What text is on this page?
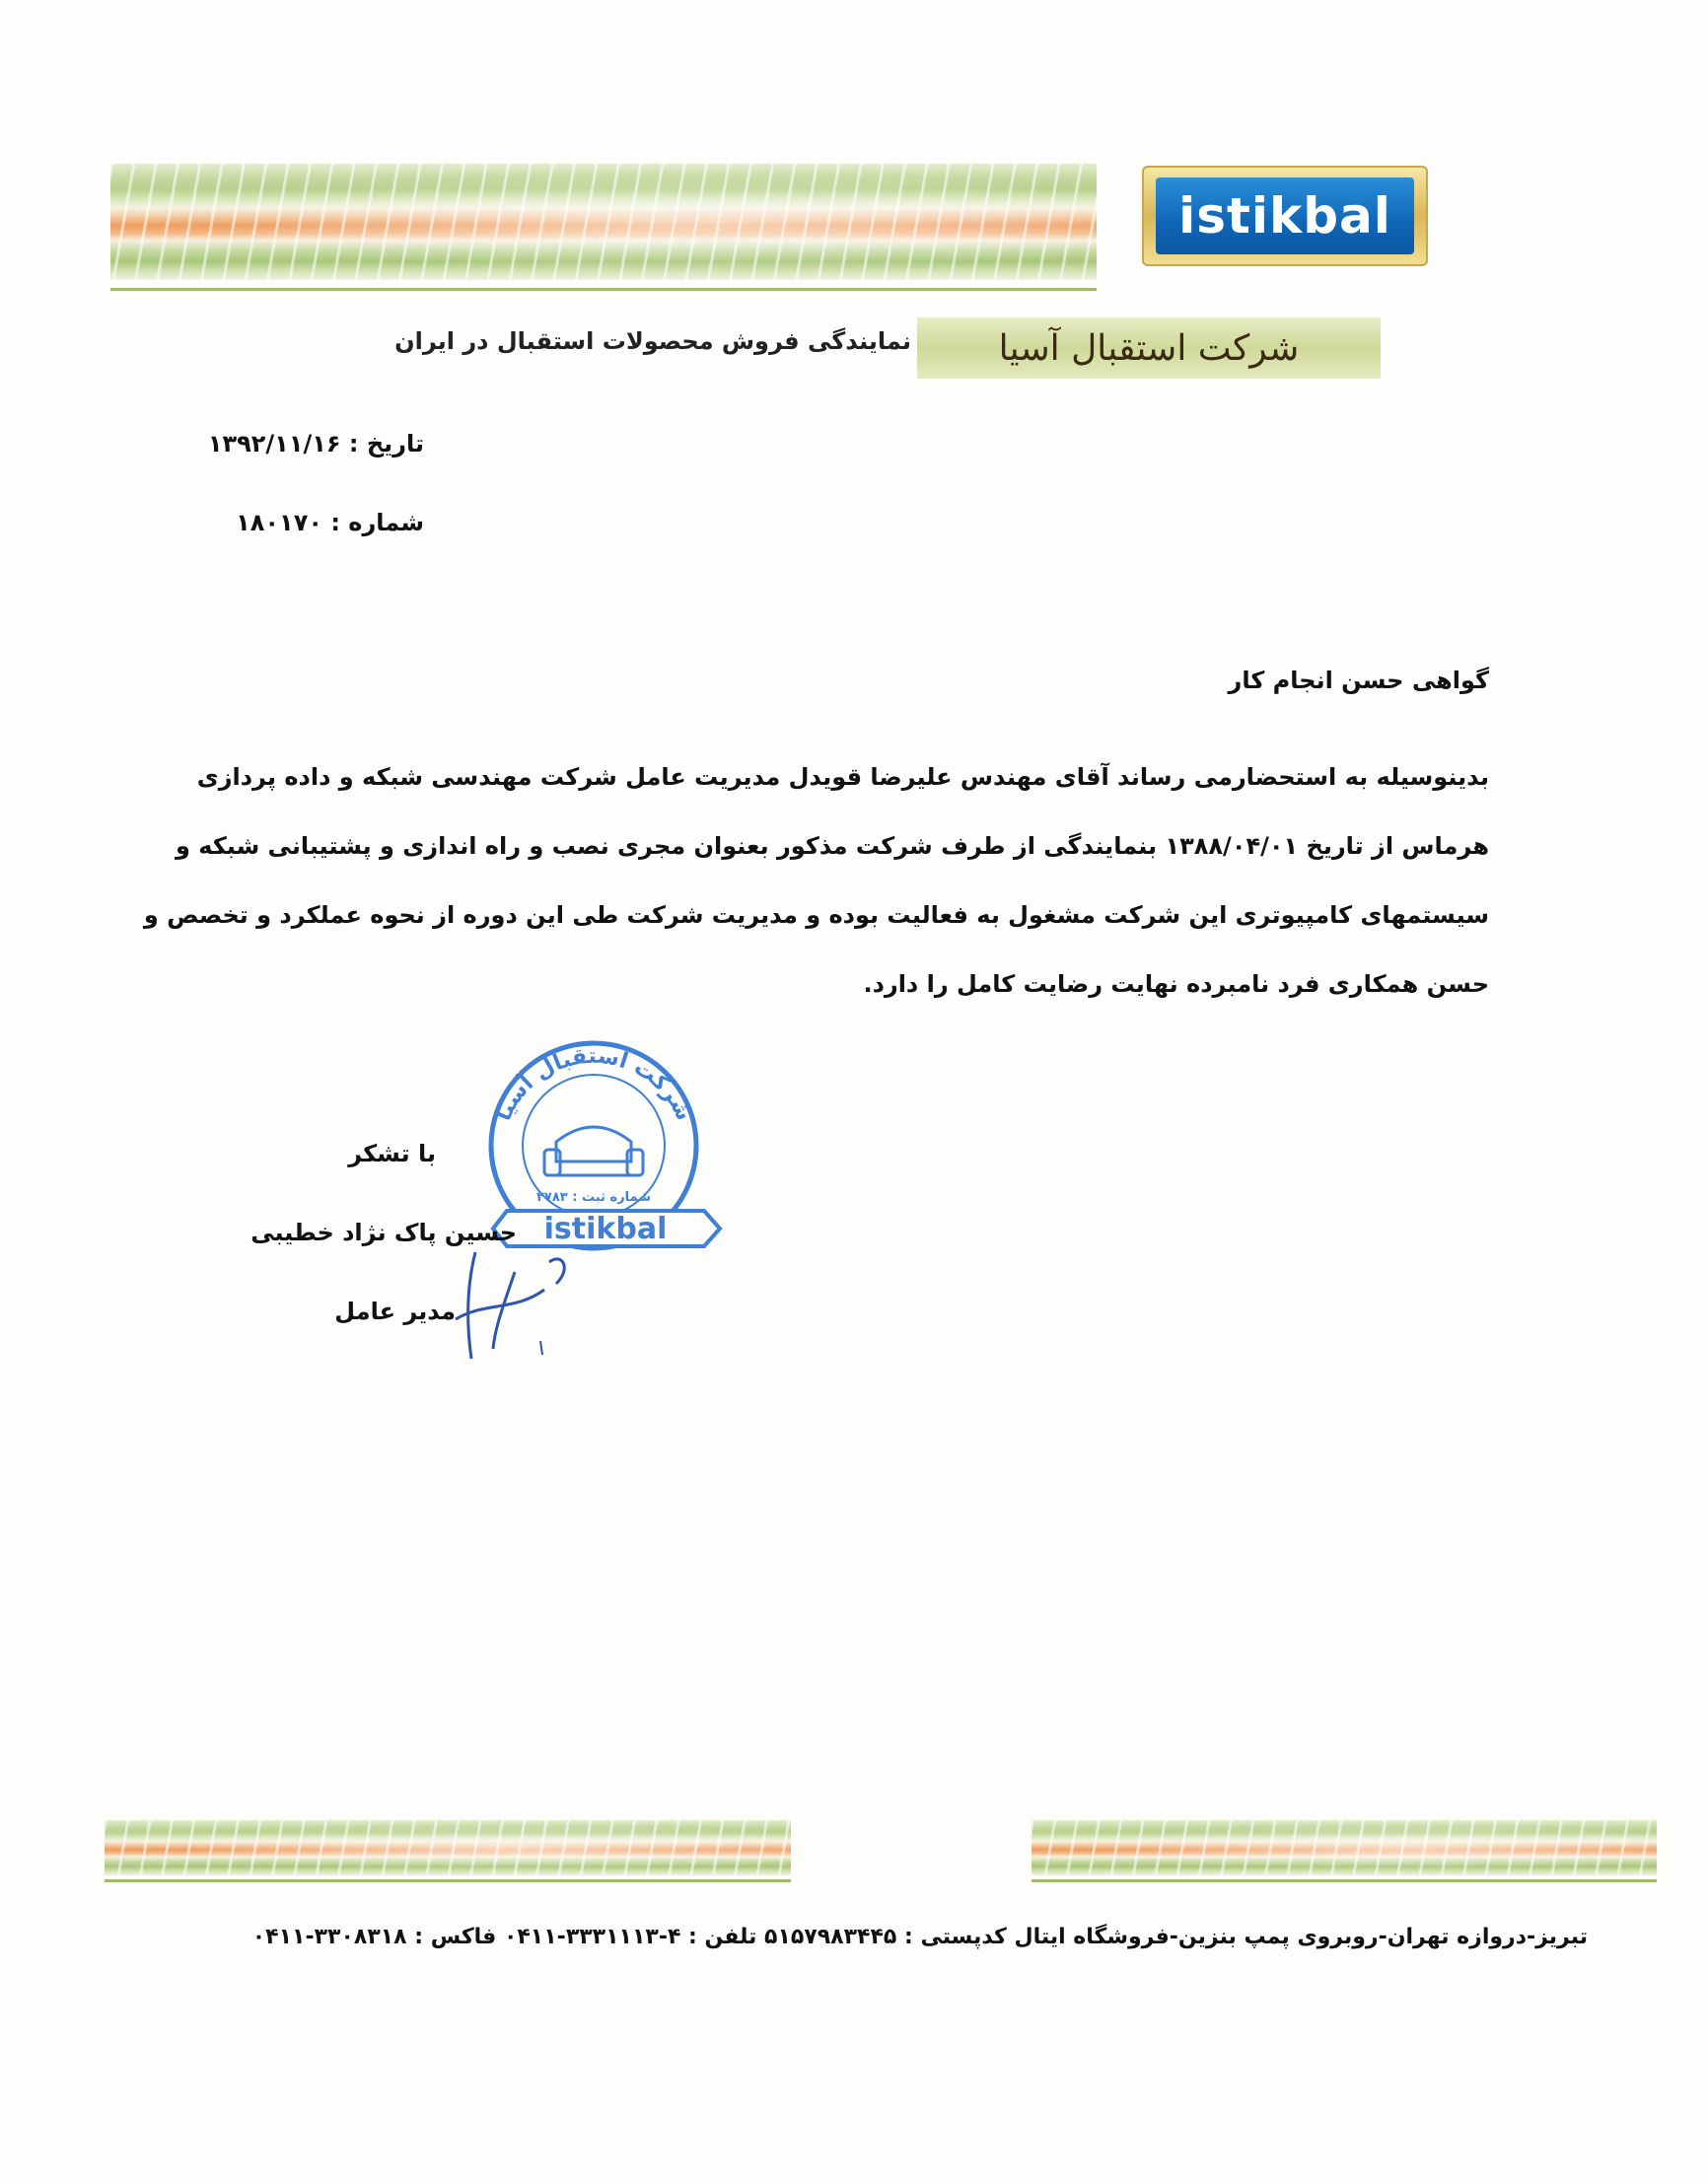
istikbal
شرکت استقبال آسیا
نمایندگی فروش محصولات استقبال در ایران
تاریخ : ۱۳۹۲/۱۱/۱۶
شماره : ۱۸۰۱۷۰
گواهی حسن انجام کار
بدینوسیله به استحضارمی رساند آقای مهندس علیرضا قویدل مدیریت عامل شرکت مهندسی شبکه و داده پردازی
هرماس از تاریخ ۱۳۸۸/۰۴/۰۱ بنمایندگی از طرف شرکت مذکور بعنوان مجری نصب و راه اندازی و پشتیبانی شبکه و
سیستمهای کامپیوتری این شرکت مشغول به فعالیت بوده و مدیریت شرکت طی این دوره از نحوه عملکرد و تخصص و
حسن همکاری فرد نامبرده نهایت رضایت کامل را دارد.
شرکت استقبال آسیا
شماره ثبت : ۲۷۸۳
istikbal
با تشکر
حسین پاک نژاد خطیبی
مدیر عامل
تبریز-دروازه تهران-روبروی پمپ بنزین-فروشگاه ایتال کدپستی : ۵۱۵۷۹۸۳۴۴۵ تلفن : ۴-۳۳۳۱۱۱۳-۰۴۱۱ فاکس : ۳۳۰۸۳۱۸-۰۴۱۱
